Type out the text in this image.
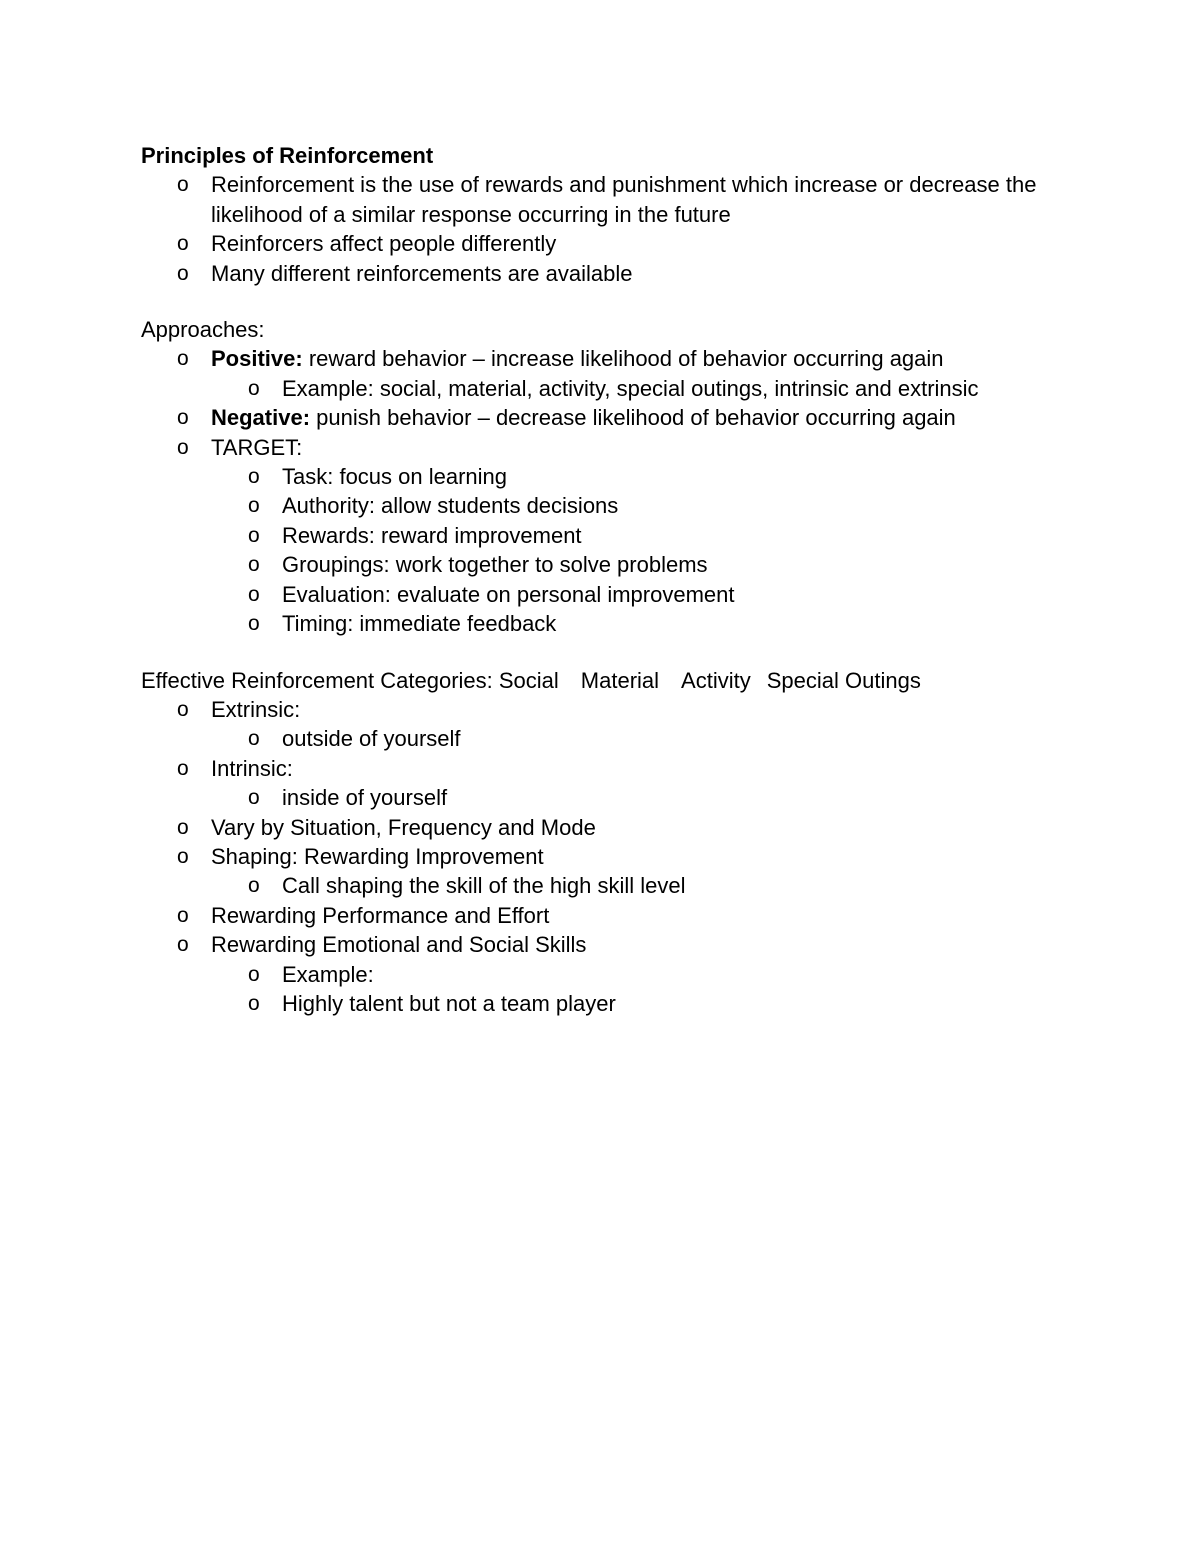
Principles of Reinforcement
o	Reinforcement is the use of rewards and punishment which increase or decrease the likelihood of a similar response occurring in the future
o	Reinforcers affect people differently
o	Many different reinforcements are available
Approaches:
o	Positive: reward behavior – increase likelihood of behavior occurring again
o	Example: social, material, activity, special outings, intrinsic and extrinsic
o	Negative: punish behavior – decrease likelihood of behavior occurring again
o	TARGET:
o	Task: focus on learning
o	Authority: allow students decisions
o	Rewards: reward improvement
o	Groupings: work together to solve problems
o	Evaluation: evaluate on personal improvement
o	Timing: immediate feedback
Effective Reinforcement Categories: Social Material Activity Special Outings
o	Extrinsic:
o	outside of yourself
o	Intrinsic:
o	inside of yourself
o	Vary by Situation, Frequency and Mode
o	Shaping: Rewarding Improvement
o	Call shaping the skill of the high skill level
o	Rewarding Performance and Effort
o	Rewarding Emotional and Social Skills
o	Example:
o	Highly talent but not a team player
